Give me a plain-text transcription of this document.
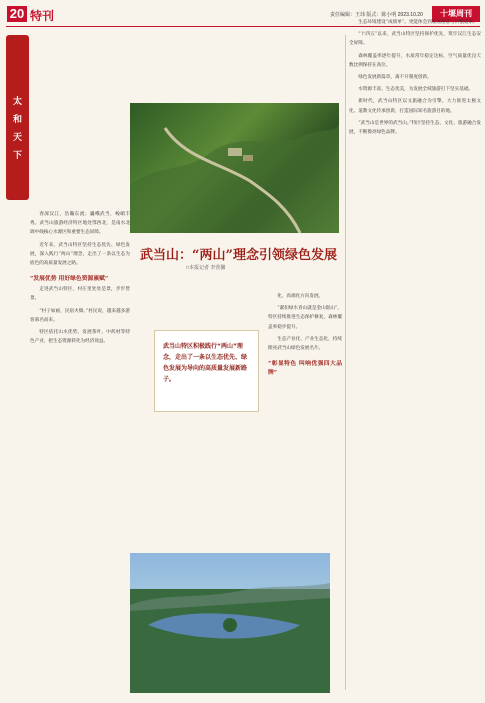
20 特刊	责任编辑：王玮 版式：陈小明 2023.10.20	十堰周刊
太
和
天
下
武当山：“两山”理念引领绿色发展
□本报记者 李萱馨
武当山特区积极践行“两山”理念，走出了一条以生态优先、绿色发展为导向的高质量发展新路子。

春深汉江，浩瀚东流；巍峨武当，峻峭丰秀。武当山旅游经济特区地处鄂西北，是南水北调中线核心水源区和重要生态屏障。

近年来，武当山特区坚持生态优先、绿色发展，深入践行“两山”理念，走出了一条以生态为底色的高质量发展之路。

“发展优势 用好绿色资源禀赋”

走进武当山特区，村庄里处处是景，步步皆景。

“村子如画，民宿火爆。”村民说，越来越多游客慕名而来。

特区依托山水优势，发展茶叶、中药材等特色产业，把生态资源转化为经济效益。

化、高端化方向发展。

“紧扣绿水青山就是金山银山”，特区持续推进生态保护修复，森林覆盖率稳步提升。

生态产业化、产业生态化，持续擦亮武当山绿色发展名片。

“彰显特色 叫响优强四大品牌”

生态环境建设“成绩单”。更能体会到发展理念与价值追求。

“十四五”以来，武当山特区坚持保护优先，筑牢汉江生态安全屏障。

森林覆盖率逐年提升，水质常年稳定达标，空气质量优良天数比例保持在高位。

绿色发展新篇章，离不开制度创新。

水资源丰富、生态优美，为发展全域旅游打下坚实基础。

新时代，武当山特区以文旅融合为引擎，大力推进太极文化、道教文化传承创新，打造国际知名旅游目的地。

“武当山是世界的武当山。”特区坚持生态、文化、旅游融合发展，不断擦亮绿色品牌。
